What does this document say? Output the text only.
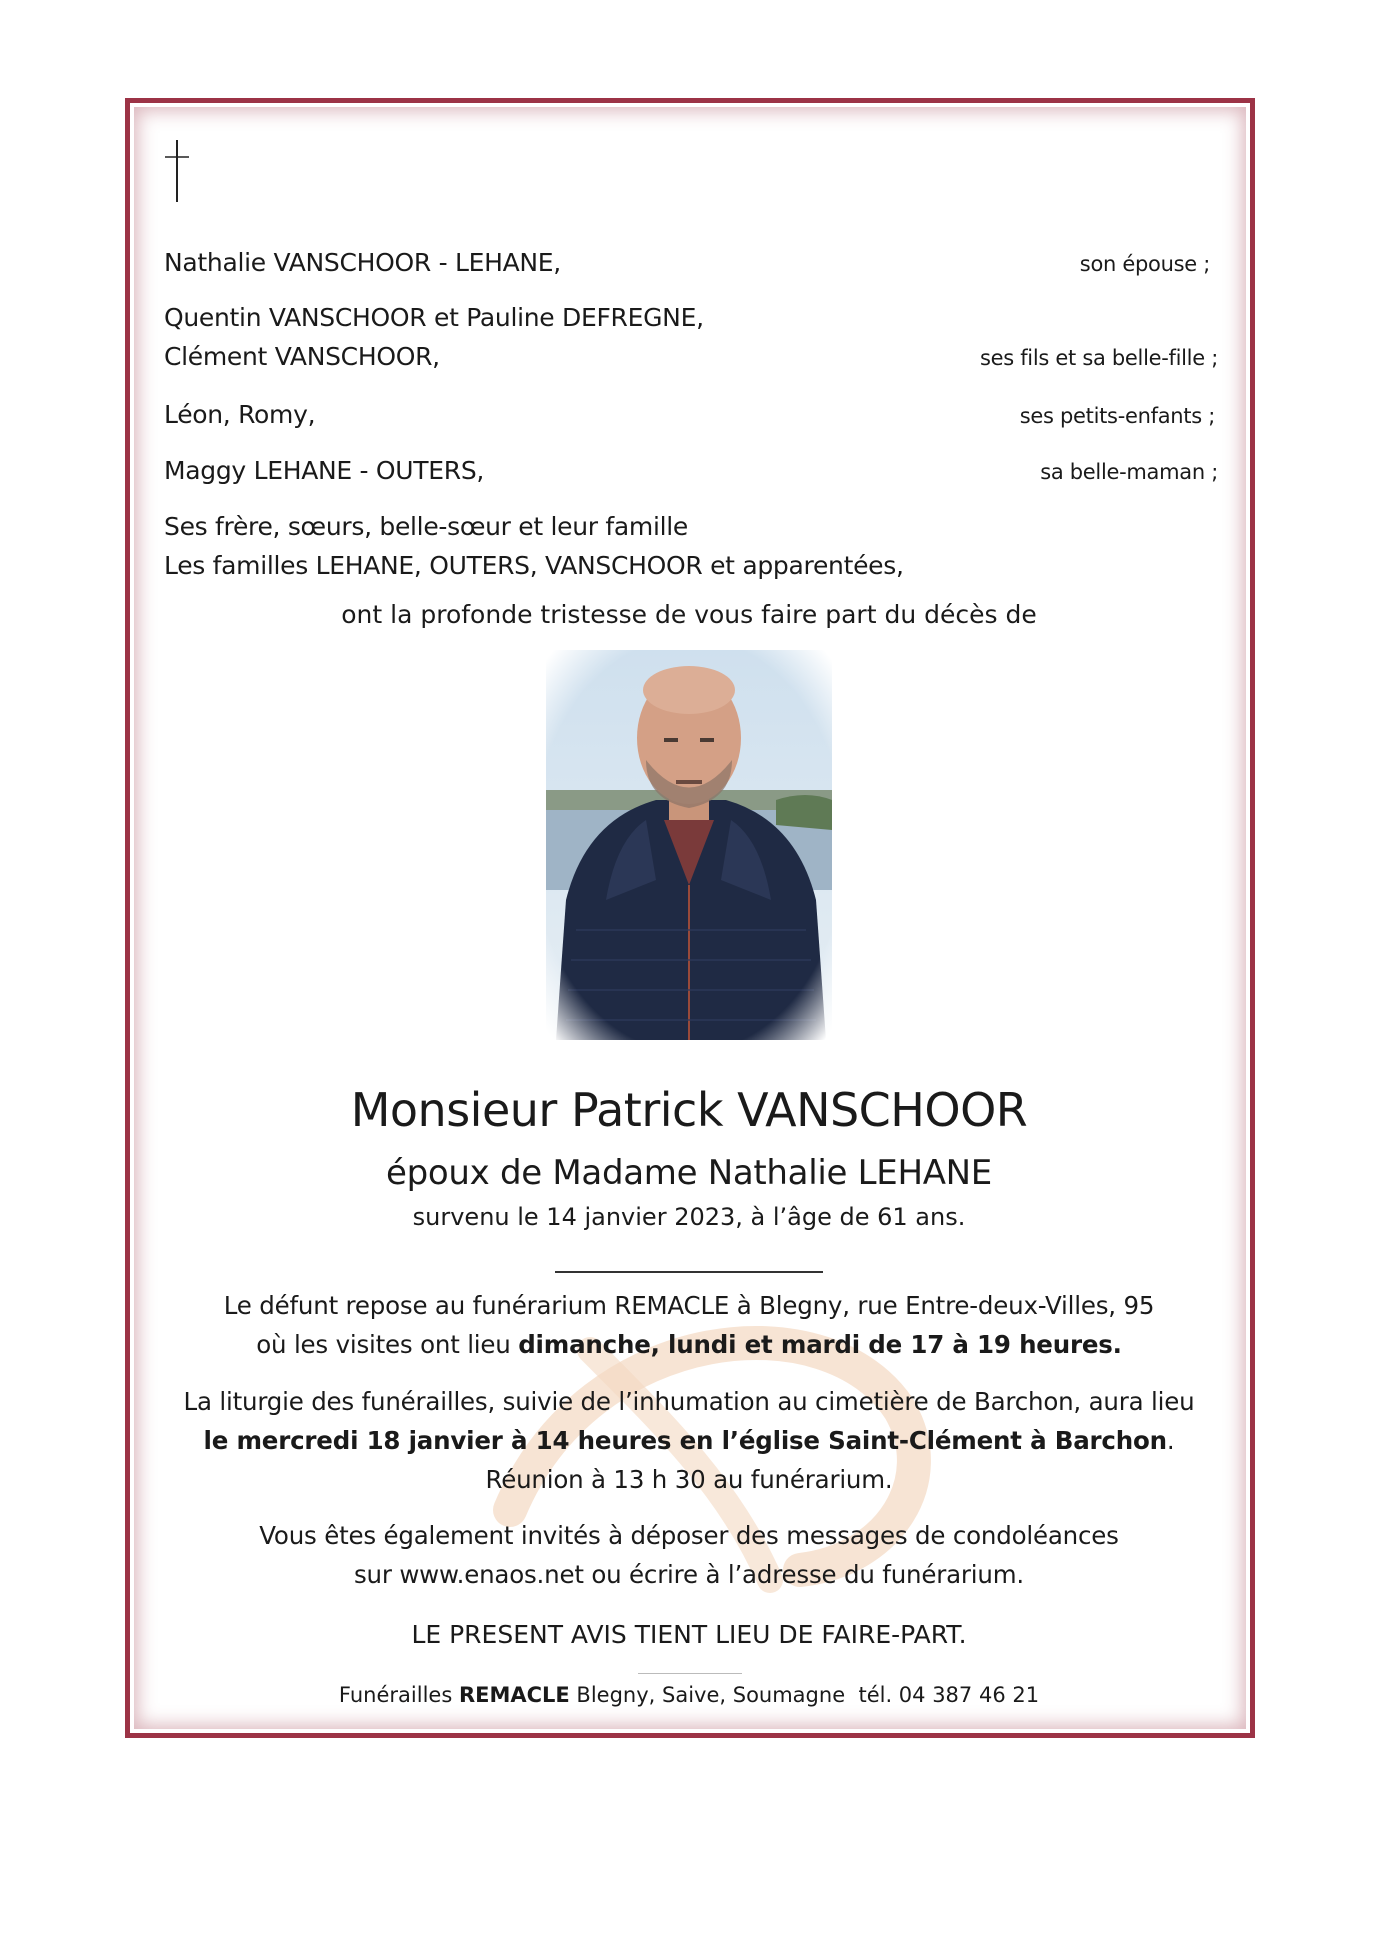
Nathalie VANSCHOOR - LEHANE,	son épouse ;
Quentin VANSCHOOR et Pauline DEFREGNE,
Clément VANSCHOOR,	ses fils et sa belle-fille ;
Léon, Romy,	ses petits-enfants ;
Maggy LEHANE - OUTERS,	sa belle-maman ;
Ses frère, sœurs, belle-sœur et leur famille
Les familles LEHANE, OUTERS, VANSCHOOR et apparentées,
ont la profonde tristesse de vous faire part du décès de
Monsieur Patrick VANSCHOOR
époux de Madame Nathalie LEHANE
survenu le 14 janvier 2023, à l’âge de 61 ans.
Le défunt repose au funérarium REMACLE à Blegny, rue Entre-deux-Villes, 95
où les visites ont lieu dimanche, lundi et mardi de 17 à 19 heures.
La liturgie des funérailles, suivie de l’inhumation au cimetière de Barchon, aura lieu
le mercredi 18 janvier à 14 heures en l’église Saint-Clément à Barchon.
Réunion à 13 h 30 au funérarium.
Vous êtes également invités à déposer des messages de condoléances
sur www.enaos.net ou écrire à l’adresse du funérarium.
LE PRESENT AVIS TIENT LIEU DE FAIRE-PART.
Funérailles REMACLE Blegny, Saive, Soumagne  tél. 04 387 46 21
